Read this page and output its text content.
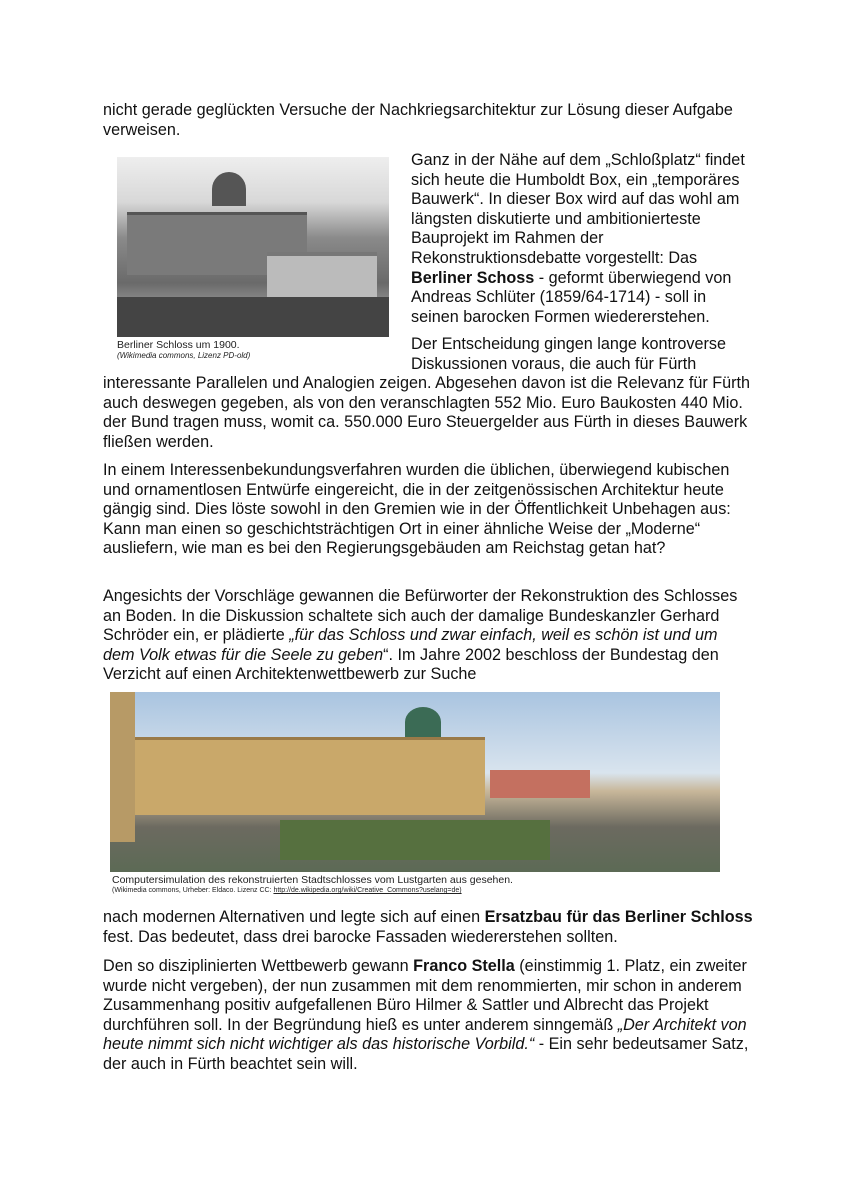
nicht gerade geglückten Versuche der Nachkriegsarchitektur zur Lösung dieser Aufgabe verweisen.
Berliner Schloss um 1900.
(Wikimedia commons, Lizenz PD-old)
Ganz in der Nähe auf dem „Schloßplatz“ findet sich heute die Humboldt Box, ein „temporäres Bauwerk“. In dieser Box wird auf das wohl am längsten diskutierte und ambitionierteste Bauprojekt im Rahmen der Rekonstruktionsdebatte vorgestellt: Das Berliner Schoss - geformt überwiegend von Andreas Schlüter (1859/64-1714) - soll in seinen barocken Formen wiedererstehen.
Der Entscheidung gingen lange kontroverse Diskussionen voraus, die auch für Fürth
interessante Parallelen und Analogien zeigen. Abgesehen davon ist die Relevanz für Fürth auch deswegen gegeben, als von den veranschlagten 552 Mio. Euro Baukosten 440 Mio. der Bund tragen muss, womit ca. 550.000 Euro Steuergelder aus Fürth in dieses Bauwerk fließen werden.
In einem Interessenbekundungsverfahren wurden die üblichen, überwiegend kubischen und ornamentlosen Entwürfe eingereicht, die in der zeitgenössischen Architektur heute gängig sind. Dies löste sowohl in den Gremien wie in der Öffentlichkeit Unbehagen aus: Kann man einen so geschichtsträchtigen Ort in einer ähnliche Weise der „Moderne“ ausliefern, wie man es bei den Regierungsgebäuden am Reichstag getan hat?
Angesichts der Vorschläge gewannen die Befürworter der Rekonstruktion des Schlosses an Boden. In die Diskussion schaltete sich auch der damalige Bundeskanzler Gerhard Schröder ein, er plädierte „für das Schloss und zwar einfach, weil es schön ist und um dem Volk etwas für die Seele zu geben“. Im Jahre 2002 beschloss der Bundestag den Verzicht auf einen Architektenwettbewerb zur Suche
Computersimulation des rekonstruierten Stadtschlosses vom Lustgarten aus gesehen.
(Wikimedia commons, Urheber: Eldaco. Lizenz CC: http://de.wikipedia.org/wiki/Creative_Commons?uselang=de)
nach modernen Alternativen und legte sich auf einen Ersatzbau für das Berliner Schloss fest. Das bedeutet, dass drei barocke Fassaden wiedererstehen sollten.
Den so disziplinierten Wettbewerb gewann Franco Stella (einstimmig 1. Platz, ein zweiter wurde nicht vergeben), der nun zusammen mit dem renommierten, mir schon in anderem Zusammenhang positiv aufgefallenen Büro Hilmer & Sattler und Albrecht das Projekt durchführen soll. In der Begründung hieß es unter anderem sinngemäß „Der Architekt von heute nimmt sich nicht wichtiger als das historische Vorbild.“ - Ein sehr bedeutsamer Satz, der auch in Fürth beachtet sein will.
